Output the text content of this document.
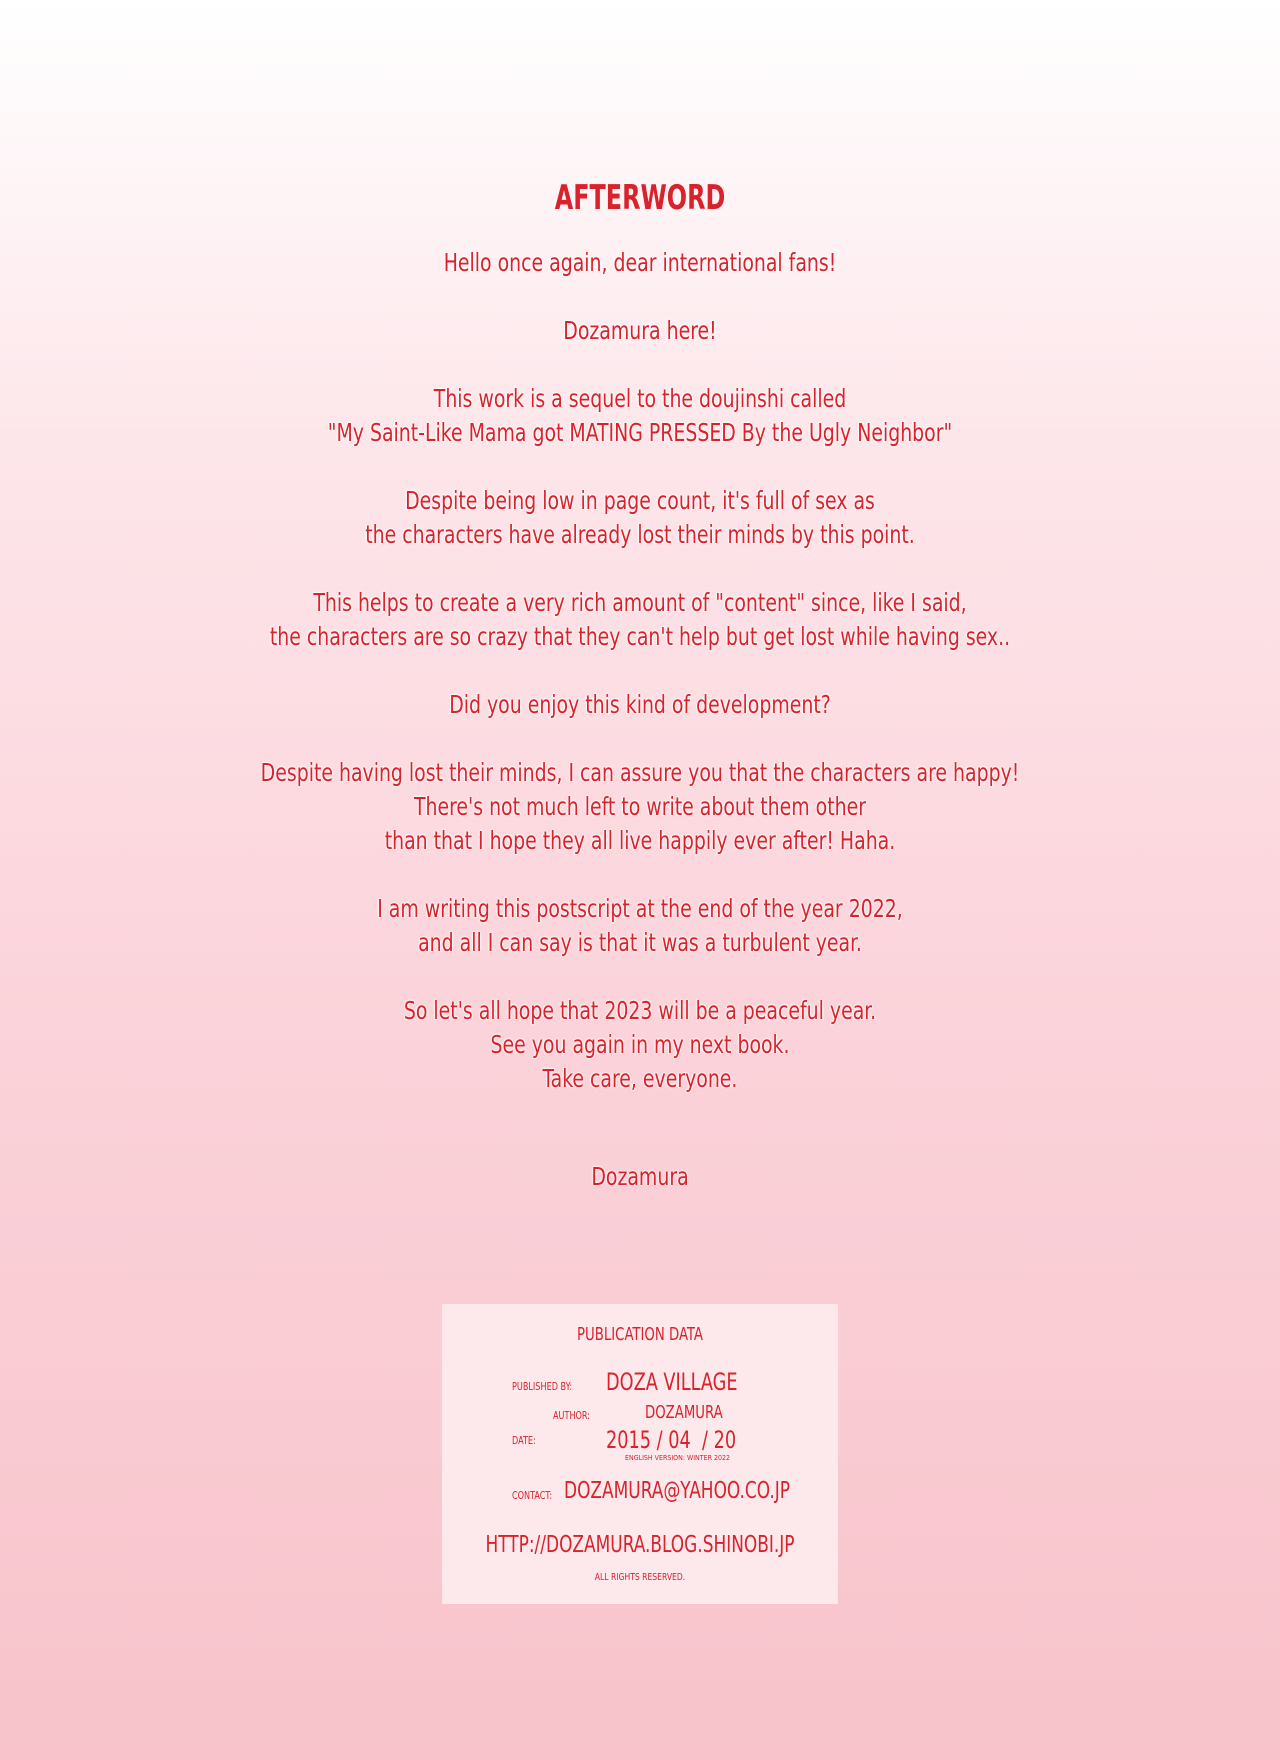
AFTERWORD
Hello once again, dear international fans!
Dozamura here!
This work is a sequel to the doujinshi called
"My Saint-Like Mama got MATING PRESSED By the Ugly Neighbor"
Despite being low in page count, it's full of sex as
the characters have already lost their minds by this point.
This helps to create a very rich amount of "content" since, like I said,
the characters are so crazy that they can't help but get lost while having sex..
Did you enjoy this kind of development?
Despite having lost their minds, I can assure you that the characters are happy!
There's not much left to write about them other
than that I hope they all live happily ever after! Haha.
I am writing this postscript at the end of the year 2022,
and all I can say is that it was a turbulent year.
So let's all hope that 2023 will be a peaceful year.
See you again in my next book.
Take care, everyone.
Dozamura
PUBLICATION DATA
PUBLISHED BY: DOZA VILLAGE
AUTHOR:	DOZAMURA
DATE:	2015 / 04  / 20
ENGLISH VERSION: WINTER 2022
CONTACT: DOZAMURA@YAHOO.CO.JP
HTTP://DOZAMURA.BLOG.SHINOBI.JP
ALL RIGHTS RESERVED.
